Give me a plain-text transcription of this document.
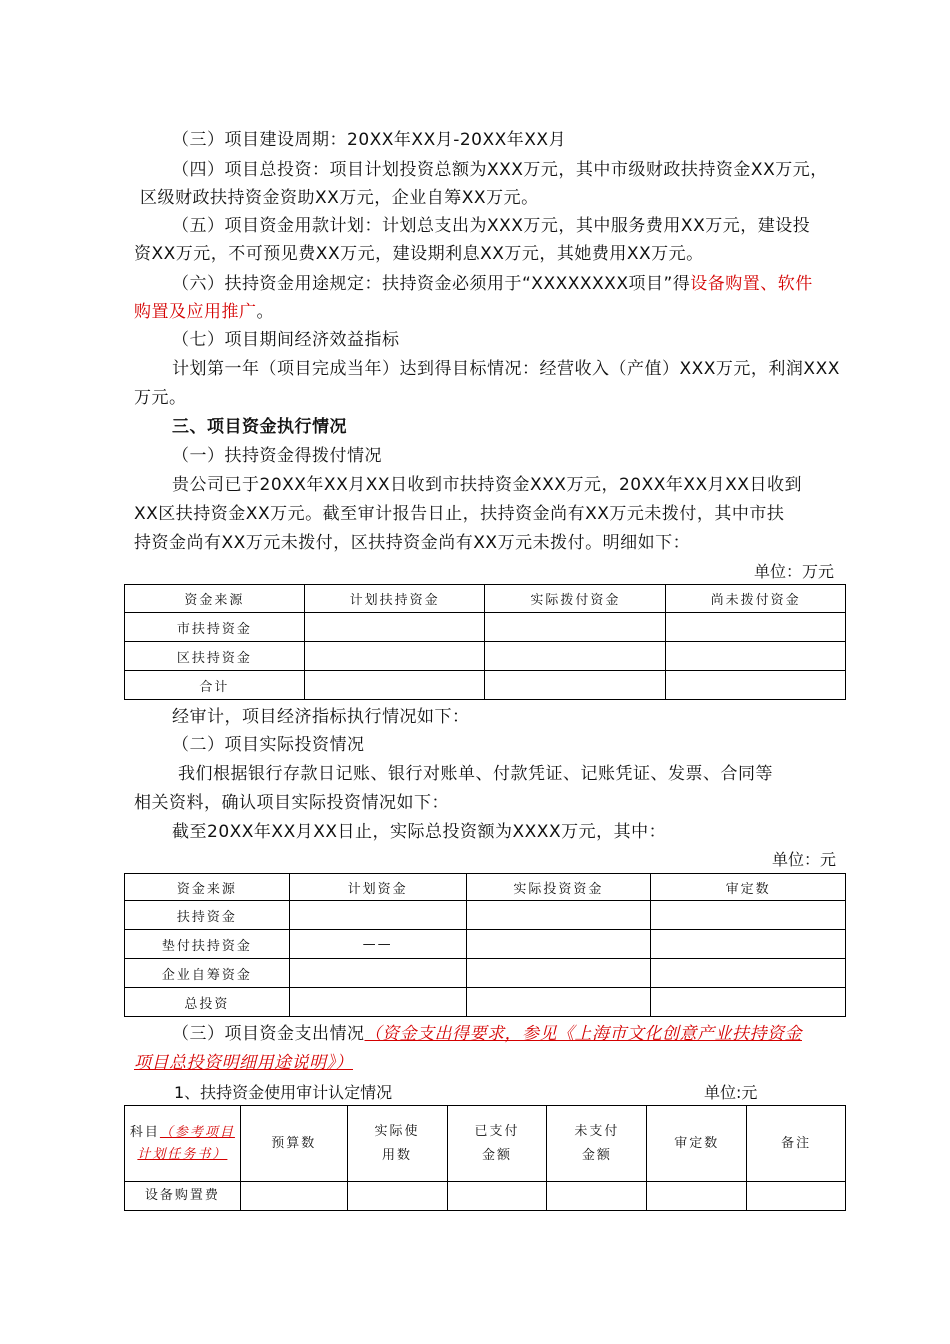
（三）项目建设周期：20XX年XX月-20XX年XX月
（四）项目总投资：项目计划投资总额为XXX万元，其中市级财政扶持资金XX万元，
区级财政扶持资金资助XX万元，企业自筹XX万元。
（五）项目资金用款计划：计划总支出为XXX万元，其中服务费用XX万元，建设投
资XX万元，不可预见费XX万元，建设期利息XX万元，其她费用XX万元。
（六）扶持资金用途规定：扶持资金必须用于“XXXXXXXX项目”得设备购置、软件
购置及应用推广。
（七）项目期间经济效益指标
计划第一年（项目完成当年）达到得目标情况：经营收入（产值）XXX万元，利润XXX
万元。
三、项目资金执行情况
（一）扶持资金得拨付情况
贵公司已于20XX年XX月XX日收到市扶持资金XXX万元，20XX年XX月XX日收到
XX区扶持资金XX万元。截至审计报告日止，扶持资金尚有XX万元未拨付，其中市扶
持资金尚有XX万元未拨付，区扶持资金尚有XX万元未拨付。明细如下：
单位：万元
资金来源	计划扶持资金	实际拨付资金	尚未拨付资金
市扶持资金			
区扶持资金			
合计			
经审计，项目经济指标执行情况如下：
（二）项目实际投资情况
我们根据银行存款日记账、银行对账单、付款凭证、记账凭证、发票、合同等
相关资料，确认项目实际投资情况如下：
截至20XX年XX月XX日止，实际总投资额为XXXX万元，其中：
单位：元
资金来源	计划资金	实际投资资金	审定数
扶持资金			
垫付扶持资金	——		
企业自筹资金			
总投资			
（三）项目资金支出情况（资金支出得要求，参见《上海市文化创意产业扶持资金
项目总投资明细用途说明》）
1、扶持资金使用审计认定情况	单位:元
科目（参考项目计划任务书）	预算数	实际使用数	已支付金额	未支付金额	审定数	备注
设备购置费						
